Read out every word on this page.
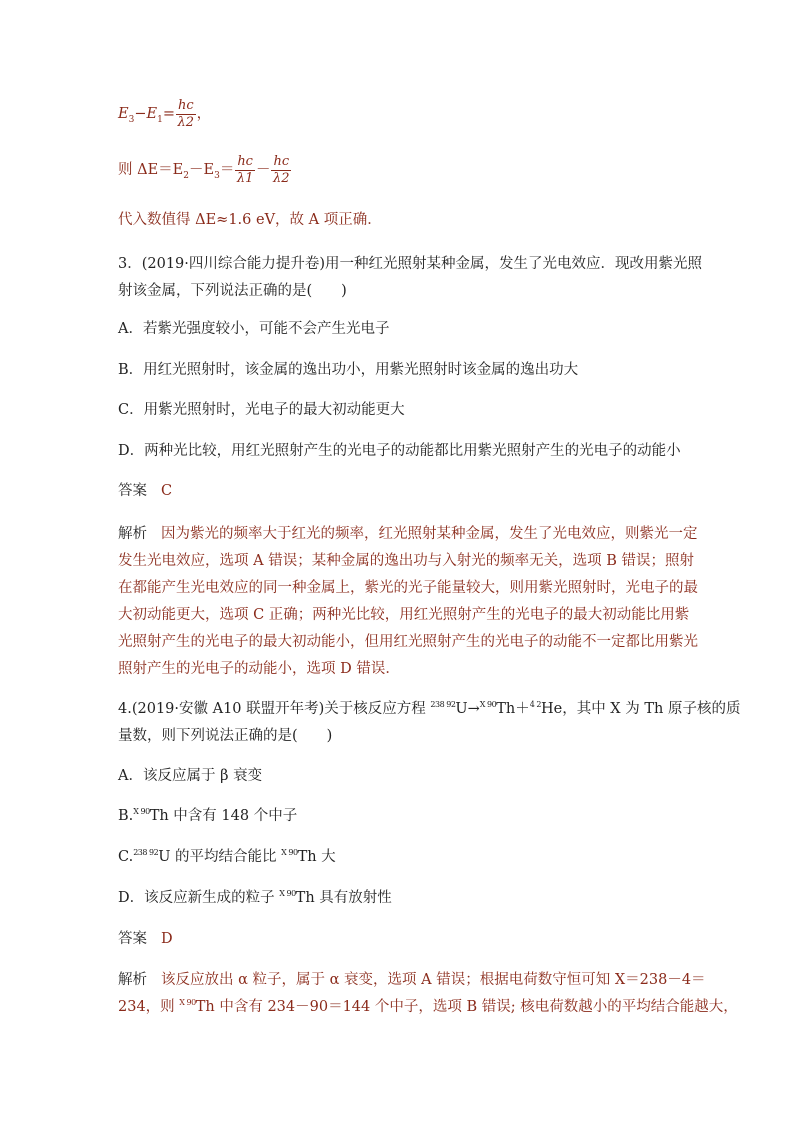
$E_3-E_1= \frac{hc}{\lambda 2}$ ，
则 $\Delta E=E_2-E_3= \frac{hc}{\lambda 1} - \frac{hc}{\lambda 2}$
代入数值得 ΔE≈1.6 eV，故 A 项正确．
3．(2019·四川综合能力提升卷)用一种红光照射某种金属，发生了光电效应．现改用紫光照
射该金属，下列说法正确的是(　　)
A．若紫光强度较小，可能不会产生光电子
B．用红光照射时，该金属的逸出功小，用紫光照射时该金属的逸出功大
C．用紫光照射时，光电子的最大初动能更大
D．两种光比较，用红光照射产生的光电子的动能都比用紫光照射产生的光电子的动能小
答案 C
解析 因为紫光的频率大于红光的频率，红光照射某种金属，发生了光电效应，则紫光一定
发生光电效应，选项 A 错误；某种金属的逸出功与入射光的频率无关，选项 B 错误；照射
在都能产生光电效应的同一种金属上，紫光的光子能量较大，则用紫光照射时，光电子的最
大初动能更大，选项 C 正确；两种光比较，用红光照射产生的光电子的最大初动能比用紫
光照射产生的光电子的最大初动能小，但用红光照射产生的光电子的动能不一定都比用紫光
照射产生的光电子的动能小，选项 D 错误．
4.(2019·安徽 A10 联盟开年考)关于核反应方程 $^{238 92}$U→$^{X 90}$Th＋$^{4 2}$He，其中 X 为 Th 原子核的质
量数，则下列说法正确的是(　　)
A．该反应属于 β 衰变
B.$^{X 90}$Th 中含有 148 个中子
C.$^{238 92}$U 的平均结合能比 $^{X 90}$Th 大
D．该反应新生成的粒子 $^{X 90}$Th 具有放射性
答案 D
解析 该反应放出 α 粒子，属于 α 衰变，选项 A 错误；根据电荷数守恒可知 X＝238－4＝
234，则 $^{X 90}$Th 中含有 234－90＝144 个中子，选项 B 错误; 核电荷数越小的平均结合能越大，
